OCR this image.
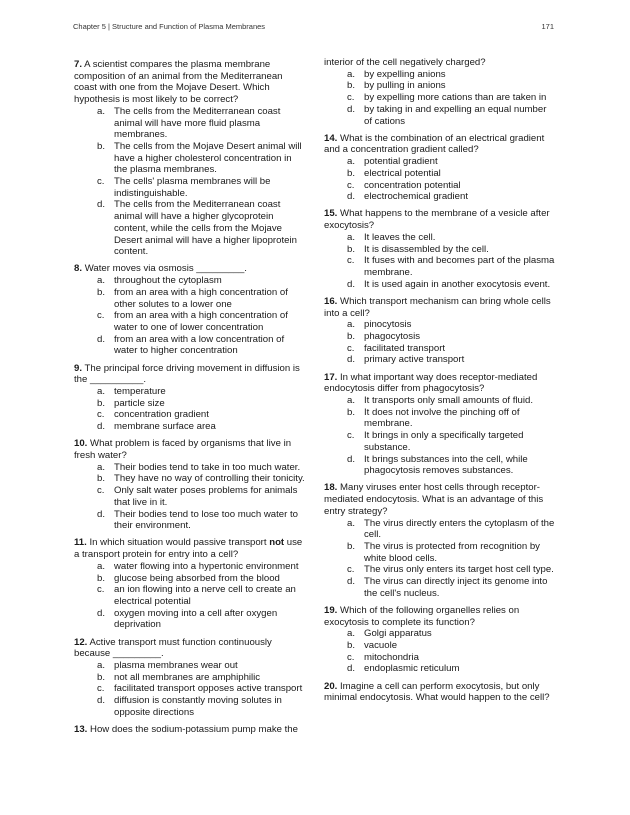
Chapter 5 | Structure and Function of Plasma Membranes	171

7. A scientist compares the plasma membrane composition of an animal from the Mediterranean coast with one from the Mojave Desert. Which hypothesis is most likely to be correct?

a. The cells from the Mediterranean coast animal will have more fluid plasma membranes.
b. The cells from the Mojave Desert animal will have a higher cholesterol concentration in the plasma membranes.
c. The cells' plasma membranes will be indistinguishable.
d. The cells from the Mediterranean coast animal will have a higher glycoprotein content, while the cells from the Mojave Desert animal will have a higher lipoprotein content.

8. Water moves via osmosis _________.

a. throughout the cytoplasm
b. from an area with a high concentration of other solutes to a lower one
c. from an area with a high concentration of water to one of lower concentration
d. from an area with a low concentration of water to higher concentration

9. The principal force driving movement in diffusion is the __________.

a. temperature
b. particle size
c. concentration gradient
d. membrane surface area

10. What problem is faced by organisms that live in fresh water?

a. Their bodies tend to take in too much water.
b. They have no way of controlling their tonicity.
c. Only salt water poses problems for animals that live in it.
d. Their bodies tend to lose too much water to their environment.

11. In which situation would passive transport not use a transport protein for entry into a cell?

a. water flowing into a hypertonic environment
b. glucose being absorbed from the blood
c. an ion flowing into a nerve cell to create an electrical potential
d. oxygen moving into a cell after oxygen deprivation

12. Active transport must function continuously because _________.

a. plasma membranes wear out
b. not all membranes are amphiphilic
c. facilitated transport opposes active transport
d. diffusion is constantly moving solutes in opposite directions

13. How does the sodium-potassium pump make the

interior of the cell negatively charged?

a. by expelling anions
b. by pulling in anions
c. by expelling more cations than are taken in
d. by taking in and expelling an equal number of cations

14. What is the combination of an electrical gradient and a concentration gradient called?

a. potential gradient
b. electrical potential
c. concentration potential
d. electrochemical gradient

15. What happens to the membrane of a vesicle after exocytosis?

a. It leaves the cell.
b. It is disassembled by the cell.
c. It fuses with and becomes part of the plasma membrane.
d. It is used again in another exocytosis event.

16. Which transport mechanism can bring whole cells into a cell?

a. pinocytosis
b. phagocytosis
c. facilitated transport
d. primary active transport

17. In what important way does receptor-mediated endocytosis differ from phagocytosis?

a. It transports only small amounts of fluid.
b. It does not involve the pinching off of membrane.
c. It brings in only a specifically targeted substance.
d. It brings substances into the cell, while phagocytosis removes substances.

18. Many viruses enter host cells through receptor-mediated endocytosis. What is an advantage of this entry strategy?

a. The virus directly enters the cytoplasm of the cell.
b. The virus is protected from recognition by white blood cells.
c. The virus only enters its target host cell type.
d. The virus can directly inject its genome into the cell's nucleus.

19. Which of the following organelles relies on exocytosis to complete its function?

a. Golgi apparatus
b. vacuole
c. mitochondria
d. endoplasmic reticulum

20. Imagine a cell can perform exocytosis, but only minimal endocytosis. What would happen to the cell?
